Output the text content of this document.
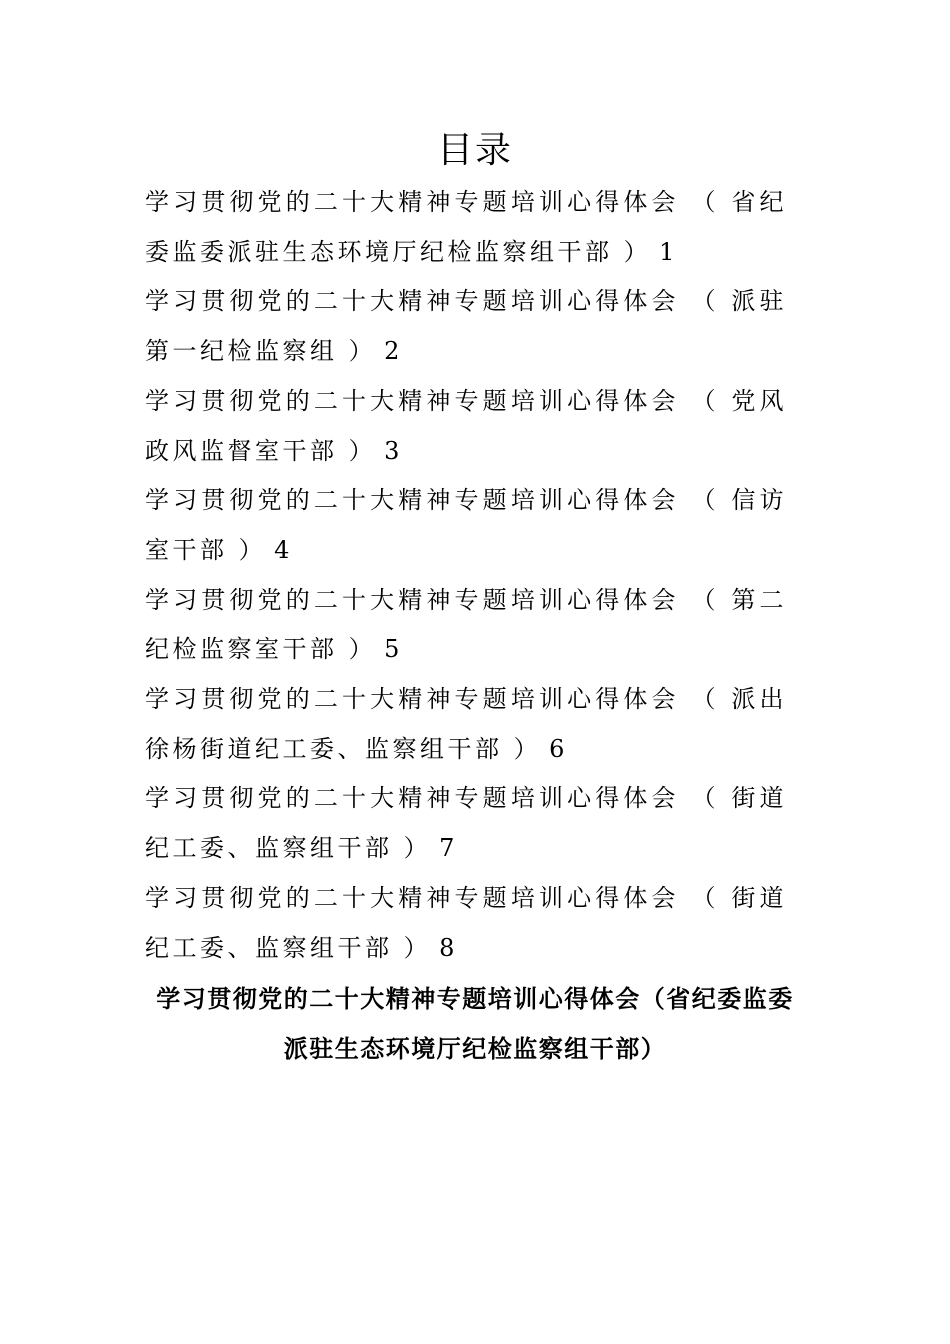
目录
学习贯彻党的二十大精神专题培训心得体会 （ 省纪委监委派驻生态环境厅纪检监察组干部 ） 1
学习贯彻党的二十大精神专题培训心得体会 （ 派驻第一纪检监察组 ） 2
学习贯彻党的二十大精神专题培训心得体会 （ 党风政风监督室干部 ） 3
学习贯彻党的二十大精神专题培训心得体会 （ 信访室干部 ） 4
学习贯彻党的二十大精神专题培训心得体会 （ 第二纪检监察室干部 ） 5
学习贯彻党的二十大精神专题培训心得体会 （ 派出徐杨街道纪工委、监察组干部 ） 6
学习贯彻党的二十大精神专题培训心得体会 （ 街道纪工委、监察组干部 ） 7
学习贯彻党的二十大精神专题培训心得体会 （ 街道纪工委、监察组干部 ） 8
学习贯彻党的二十大精神专题培训心得体会（省纪委监委
派驻生态环境厅纪检监察组干部）
